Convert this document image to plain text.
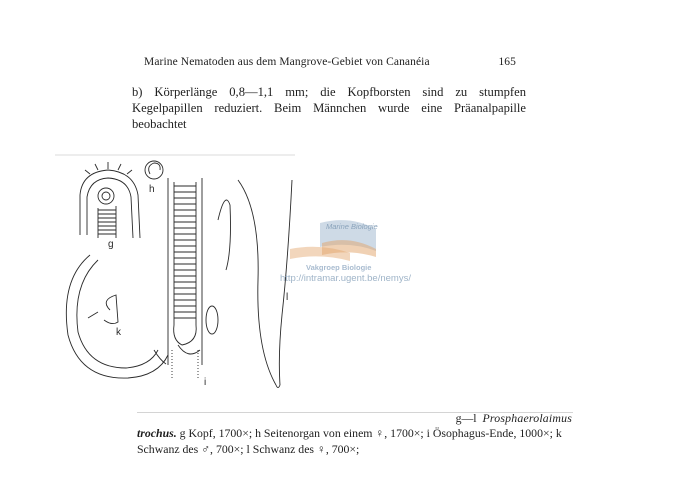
Marine Nematoden aus dem Mangrove-Gebiet von Cananéia	165
b) Körperlänge 0,8—1,1 mm; die Kopfborsten sind zu stumpfen Kegelpapillen reduziert. Beim Männchen wurde eine Präanalpapille beobachtet
g
h
i
k
l
Marine Biologie
Vakgroep Biologie
http://intramar.ugent.be/nemys/
g—l Prosphaerolaimus
trochus. g Kopf, 1700×; h Seitenorgan von einem ♀, 1700×; i Ösophagus-Ende, 1000×; k Schwanz des ♂, 700×; l Schwanz des ♀, 700×;
